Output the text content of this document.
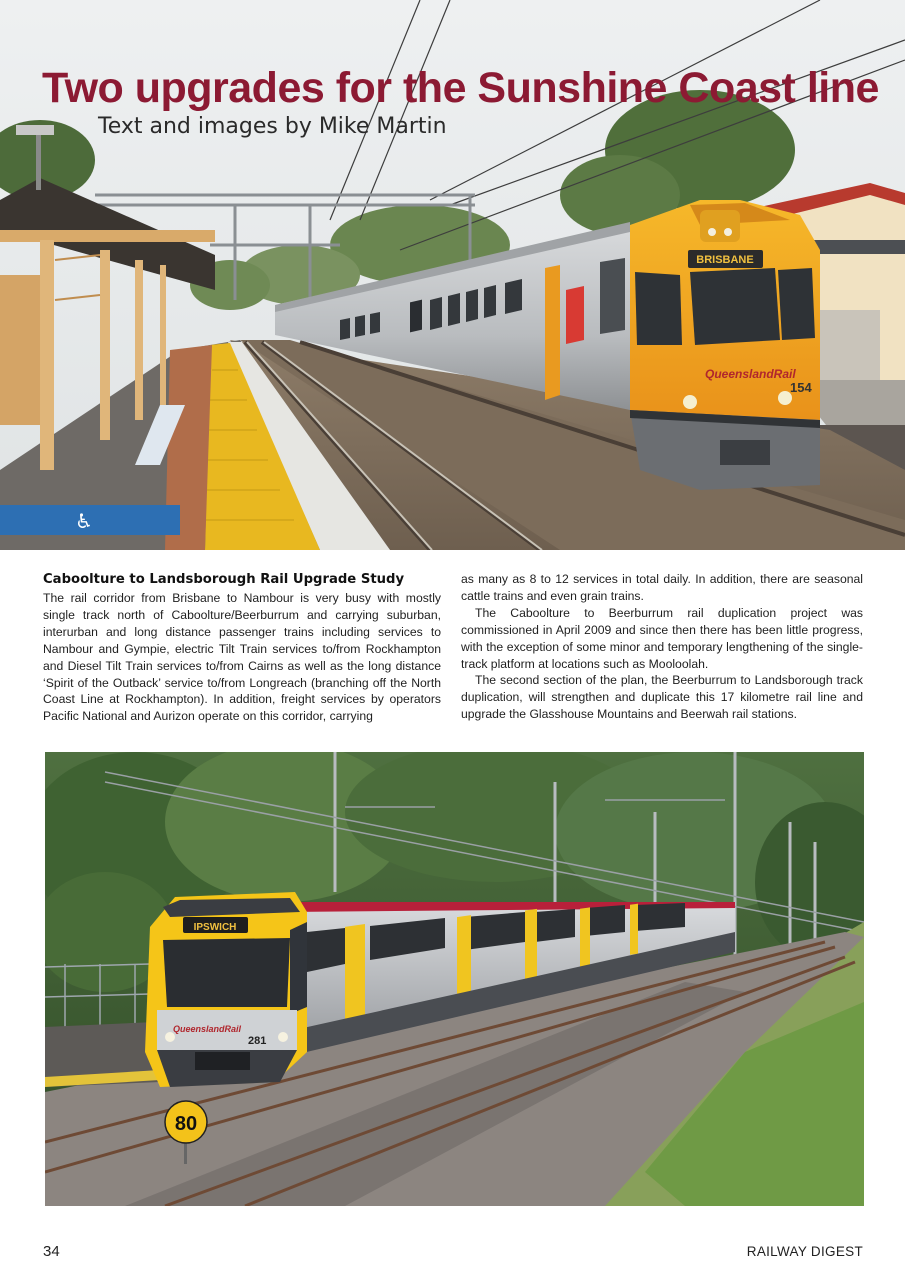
♿
BRISBANE
QueenslandRail
154
Two upgrades for the Sunshine Coast line

Text and images by Mike Martin

Caboolture to Landsborough Rail Upgrade Study

The rail corridor from Brisbane to Nambour is very busy with mostly single track north of Caboolture/Beerburrum and carrying suburban, interurban and long distance passenger trains including services to Nambour and Gympie, electric Tilt Train services to/from Rockhampton and Diesel Tilt Train services to/from Cairns as well as the long distance ‘Spirit of the Outback’ service to/from Longreach (branching off the North Coast Line at Rockhampton). In addition, freight services by operators Pacific National and Aurizon operate on this corridor, carrying

as many as 8 to 12 services in total daily. In addition, there are seasonal cattle trains and even grain trains.

The Caboolture to Beerburrum rail duplication project was commissioned in April 2009 and since then there has been little progress, with the exception of some minor and temporary lengthening of the single-track platform at locations such as Mooloolah.

The second section of the plan, the Beerburrum to Landsborough track duplication, will strengthen and duplicate this 17 kilometre rail line and upgrade the Glasshouse Mountains and Beerwah rail stations.

IPSWICH
QueenslandRail
281
80
34	RAILWAY DIGEST
